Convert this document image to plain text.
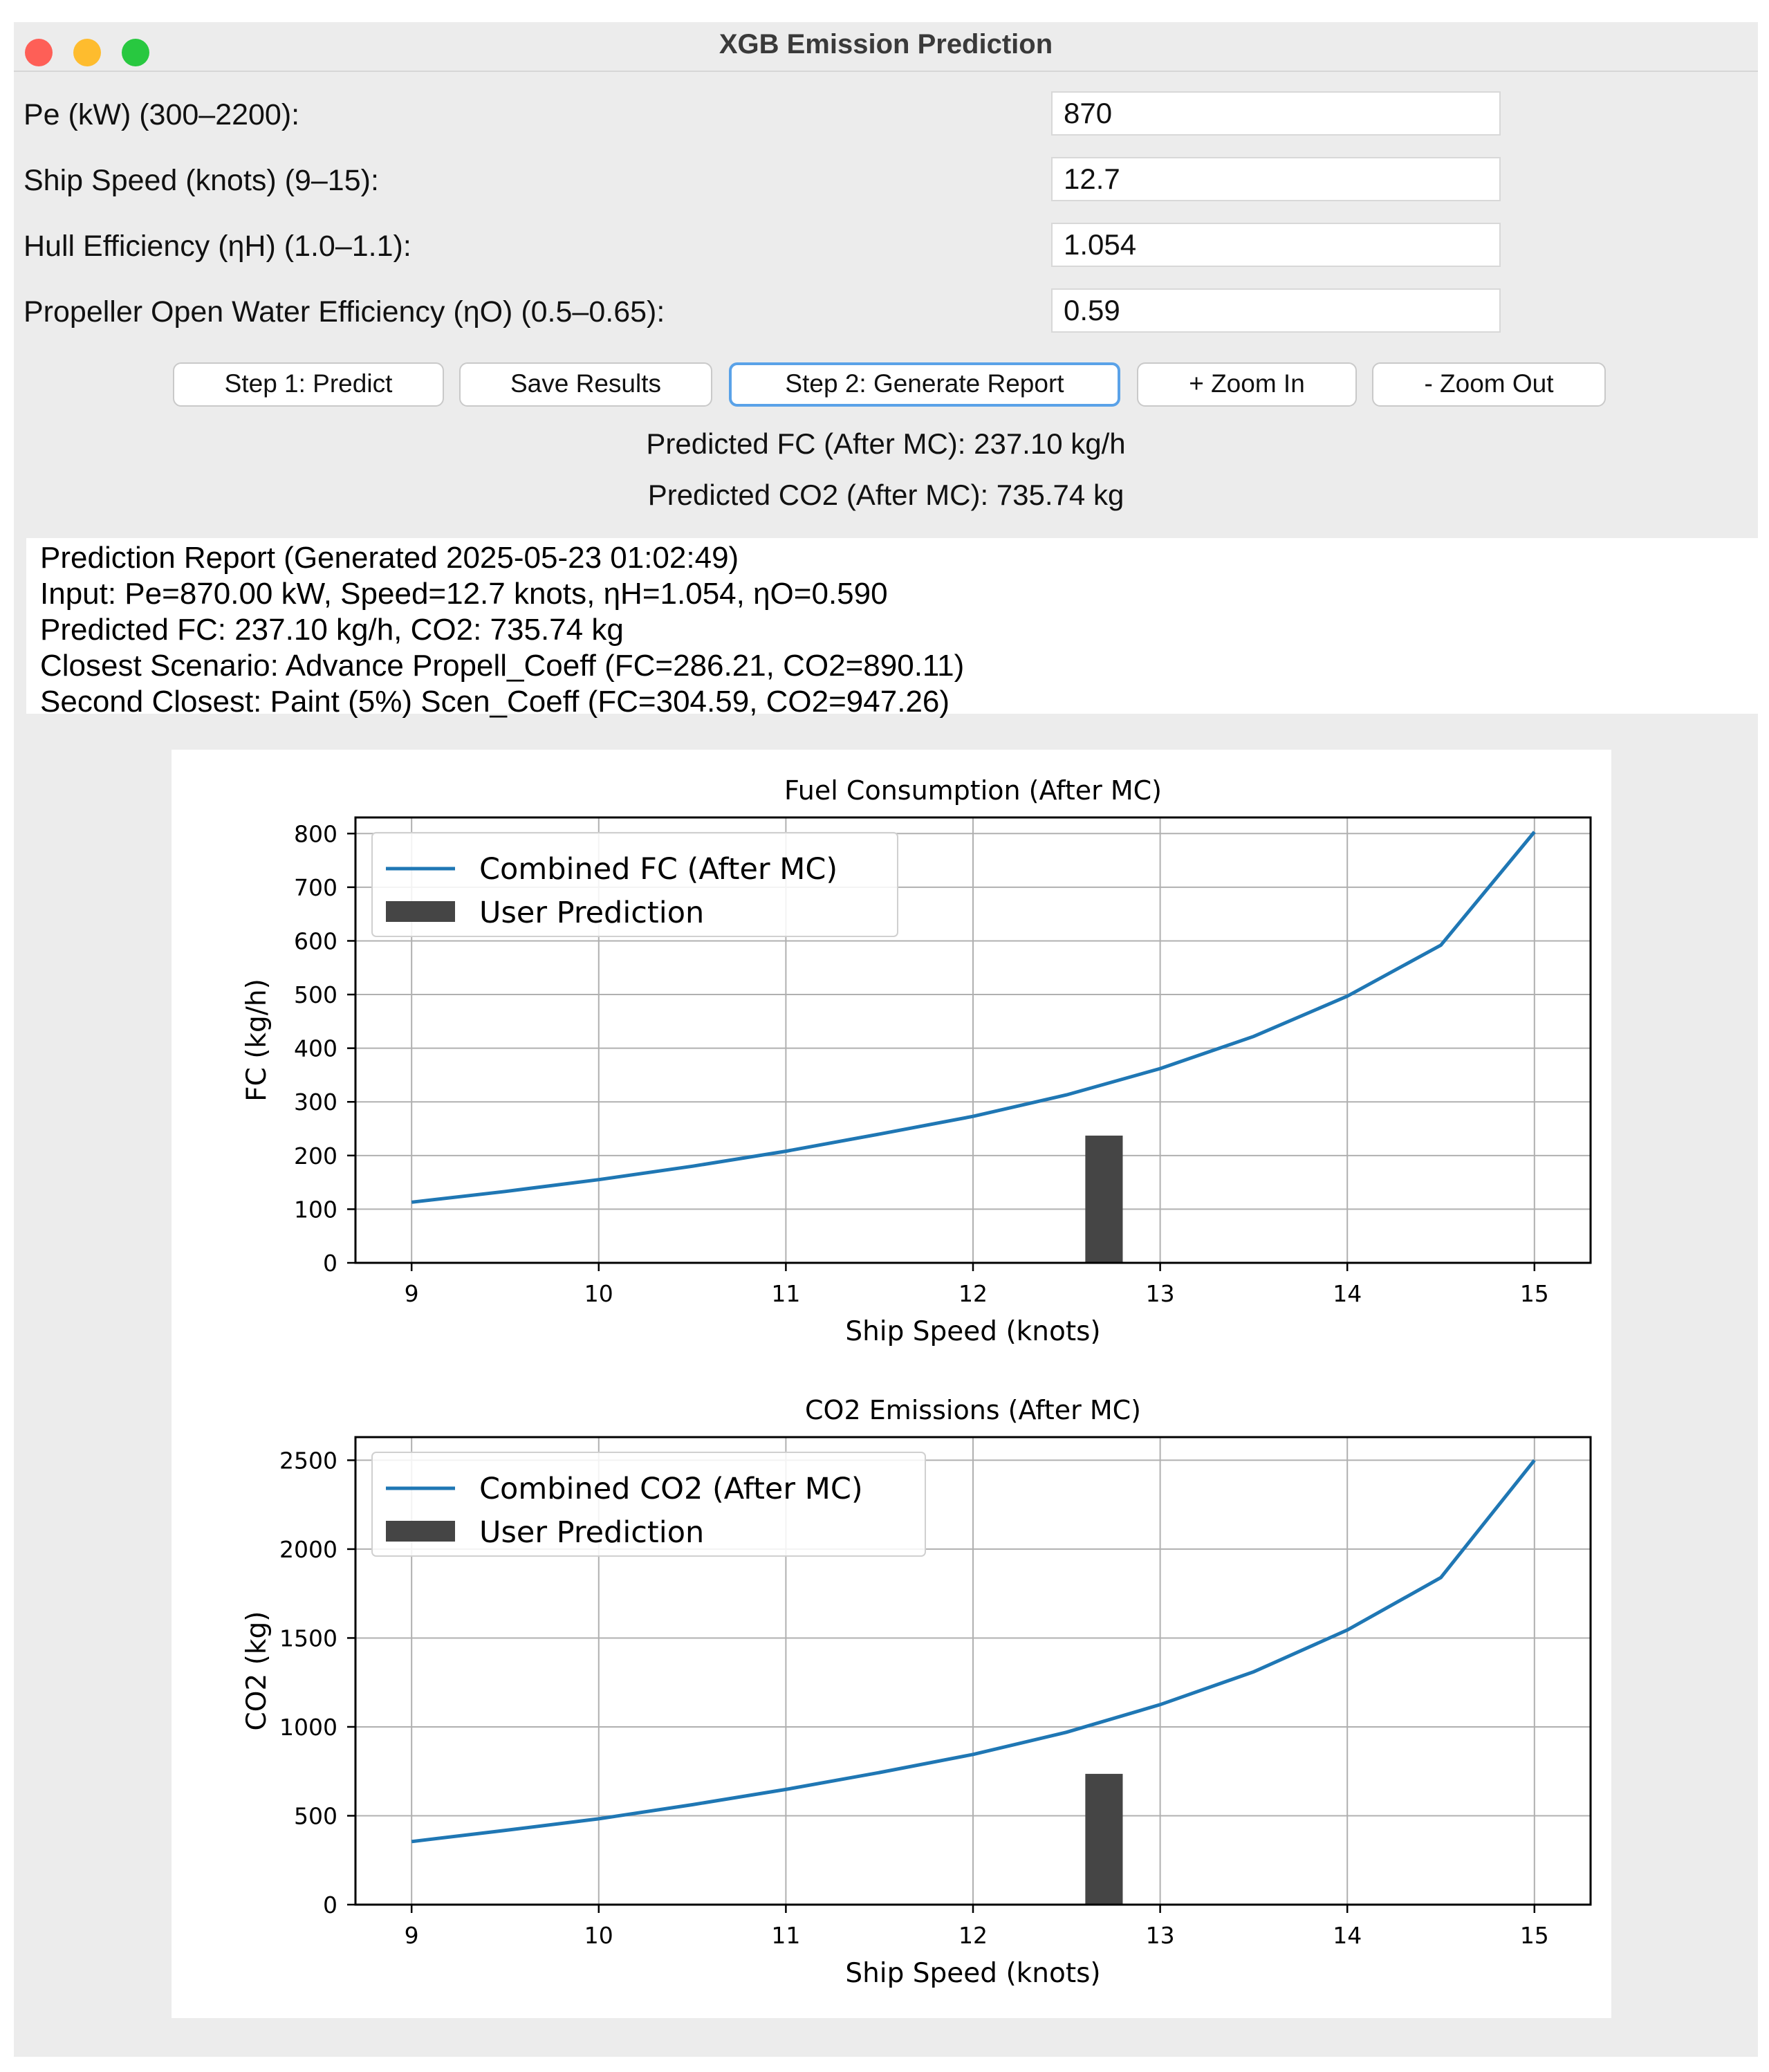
XGB Emission Prediction
Pe (kW) (300–2200):
870
Ship Speed (knots) (9–15):
12.7
Hull Efficiency (ηH) (1.0–1.1):
1.054
Propeller Open Water Efficiency (ηO) (0.5–0.65):
0.59
Step 1: Predict	Save Results	Step 2: Generate Report	+ Zoom In	- Zoom Out
Predicted FC (After MC): 237.10 kg/h
Predicted CO2 (After MC): 735.74 kg
Prediction Report (Generated 2025-05-23 01:02:49)
Input: Pe=870.00 kW, Speed=12.7 knots, ηH=1.054, ηO=0.590
Predicted FC: 237.10 kg/h, CO2: 735.74 kg
Closest Scenario: Advance Propell_Coeff (FC=286.21, CO2=890.11)
Second Closest: Paint (5%) Scen_Coeff (FC=304.59, CO2=947.26)
9	10	11	12	13	14	15
0
100
200
300
400
500
600
700
800
Fuel Consumption (After MC)
Ship Speed (knots)
FC (kg/h)
Combined FC (After MC)
User Prediction
9	10	11	12	13	14	15
0
500
1000
1500
2000
2500
CO2 Emissions (After MC)
Ship Speed (knots)
CO2 (kg)
Combined CO2 (After MC)
User Prediction
